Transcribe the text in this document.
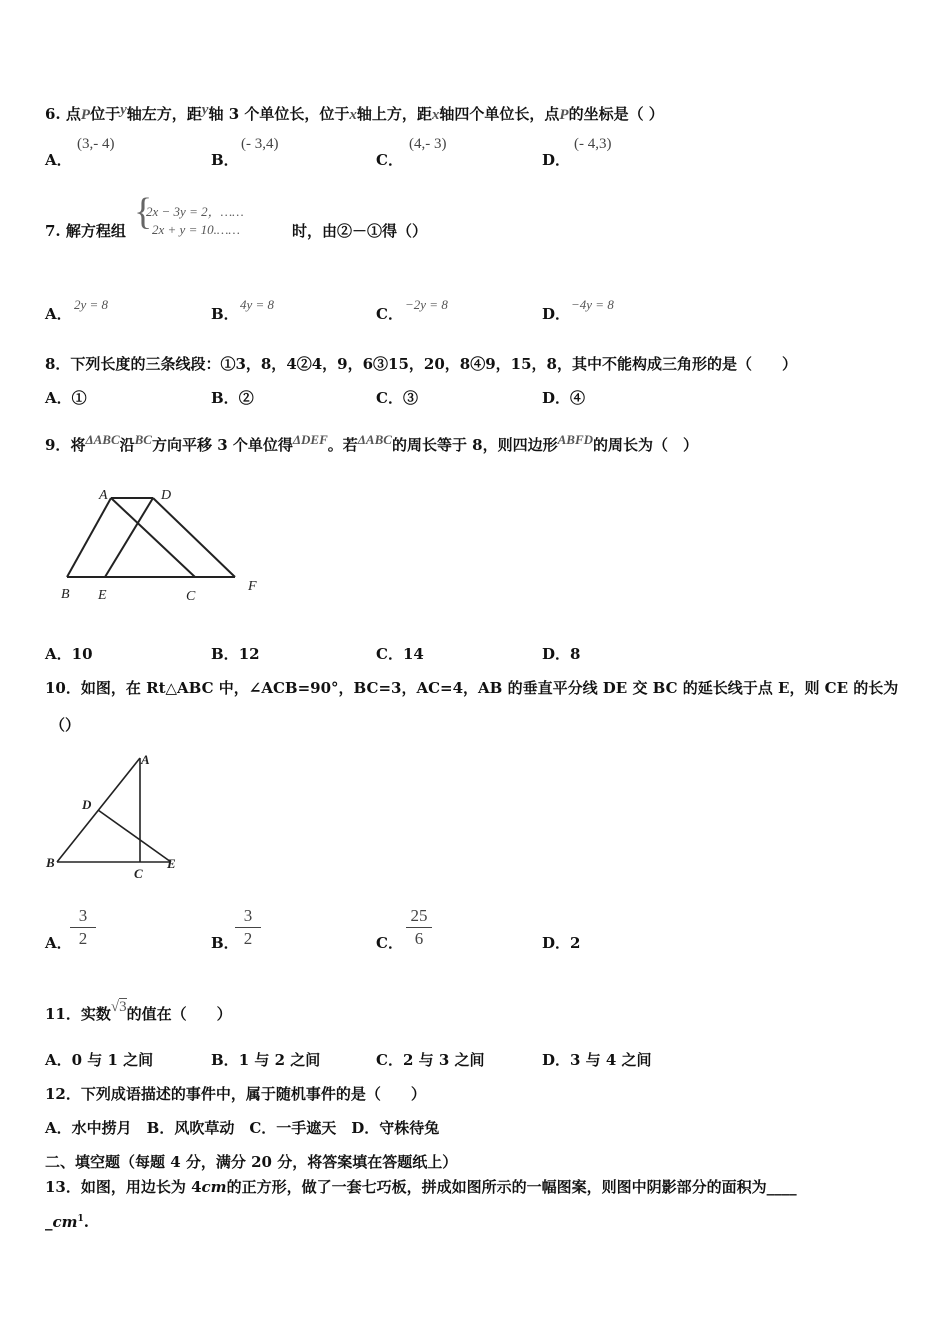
6. 点P位于y轴左方，距y轴 3 个单位长，位于x轴上方，距x轴四个单位长，点P的坐标是（ ）
A．
(3,- 4)
B．
(- 3,4)
C．
(4,- 3)
D．
(- 4,3)
7. 解方程组 {
2x − 3y = 2，……
2x + y = 10.……	时，由②－①得（）
A．
2y = 8
B．
4y = 8
C．
−2y = 8
D．
−4y = 8
8．下列长度的三条线段：①3，8，4②4，9，6③15，20，8④9，15，8，其中不能构成三角形的是（　　）
A．①	B．②	C．③	D．④
9．将ΔABC沿BC方向平移 3 个单位得ΔDEF。若ΔABC的周长等于 8，则四边形ABFD的周长为（　）
A	D
B E	C
F
A．10	B．12	C．14	D．8
10．如图，在 Rt△ABC 中，∠ACB=90°，BC=3，AC=4，AB 的垂直平分线 DE 交 BC 的延长线于点 E，则 CE 的长为
（）
A
D
B
C
E
A．
3
2	B．
3
2	C．
25
6	D．2
11．实数√3的值在（　　）
A．0 与 1 之间	B．1 与 2 之间	C．2 与 3 之间	D．3 与 4 之间
12．下列成语描述的事件中，属于随机事件的是（　　）
A．水中捞月　B．风吹草动　C．一手遮天　D．守株待兔
二、填空题（每题 4 分，满分 20 分，将答案填在答题纸上）
13．如图，用边长为 4cm的正方形，做了一套七巧板，拼成如图所示的一幅图案，则图中阴影部分的面积为____
$\_cm^1$.
